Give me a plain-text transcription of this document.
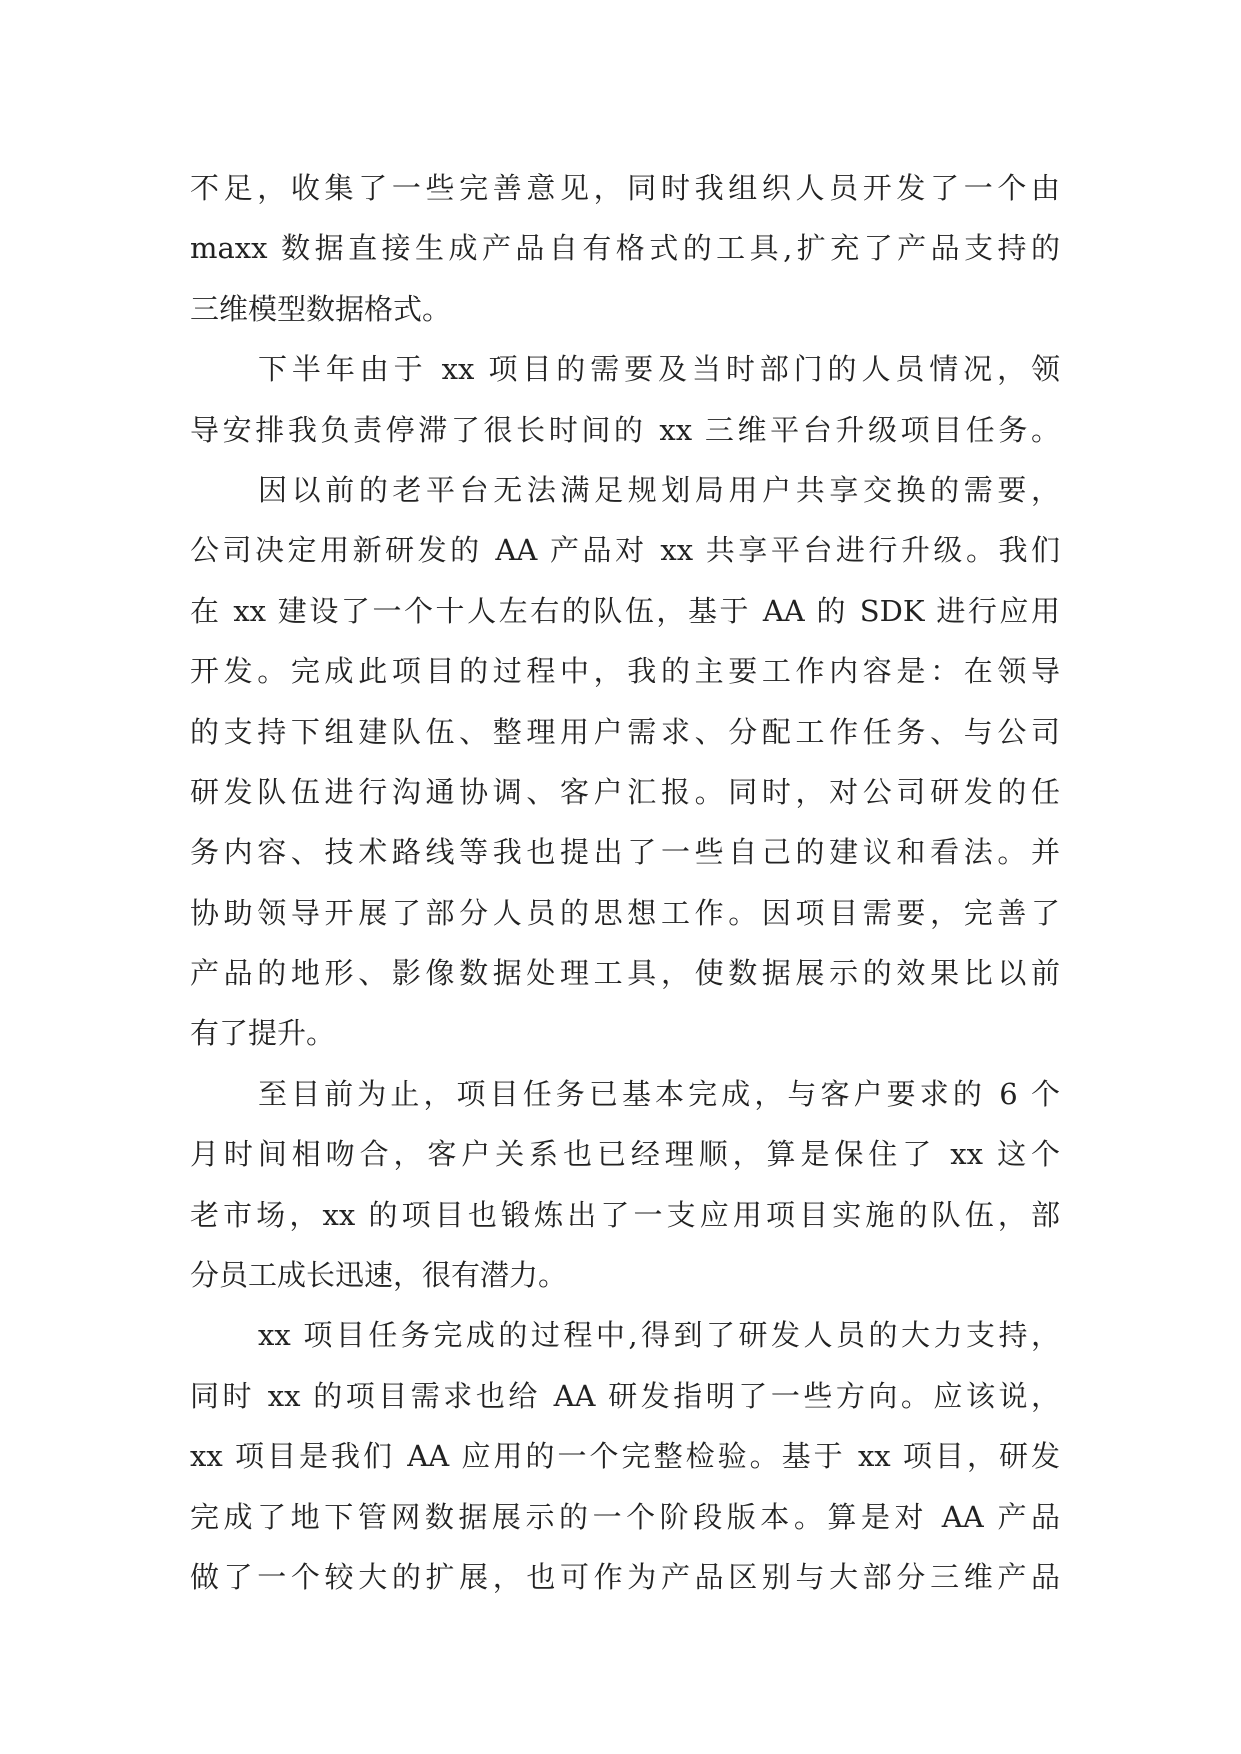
不足，收集了一些完善意见，同时我组织人员开发了一个由
maxx 数据直接生成产品自有格式的工具,扩充了产品支持的
三维模型数据格式。
下半年由于 xx 项目的需要及当时部门的人员情况，领
导安排我负责停滞了很长时间的 xx 三维平台升级项目任务。
因以前的老平台无法满足规划局用户共享交换的需要，
公司决定用新研发的 AA 产品对 xx 共享平台进行升级。我们
在 xx 建设了一个十人左右的队伍，基于 AA 的 SDK 进行应用
开发。完成此项目的过程中，我的主要工作内容是：在领导
的支持下组建队伍、整理用户需求、分配工作任务、与公司
研发队伍进行沟通协调、客户汇报。同时，对公司研发的任
务内容、技术路线等我也提出了一些自己的建议和看法。并
协助领导开展了部分人员的思想工作。因项目需要，完善了
产品的地形、影像数据处理工具，使数据展示的效果比以前
有了提升。
至目前为止，项目任务已基本完成，与客户要求的 6 个
月时间相吻合，客户关系也已经理顺，算是保住了 xx 这个
老市场，xx 的项目也锻炼出了一支应用项目实施的队伍，部
分员工成长迅速，很有潜力。
xx 项目任务完成的过程中,得到了研发人员的大力支持，
同时 xx 的项目需求也给 AA 研发指明了一些方向。应该说，
xx 项目是我们 AA 应用的一个完整检验。基于 xx 项目，研发
完成了地下管网数据展示的一个阶段版本。算是对 AA 产品
做了一个较大的扩展，也可作为产品区别与大部分三维产品
